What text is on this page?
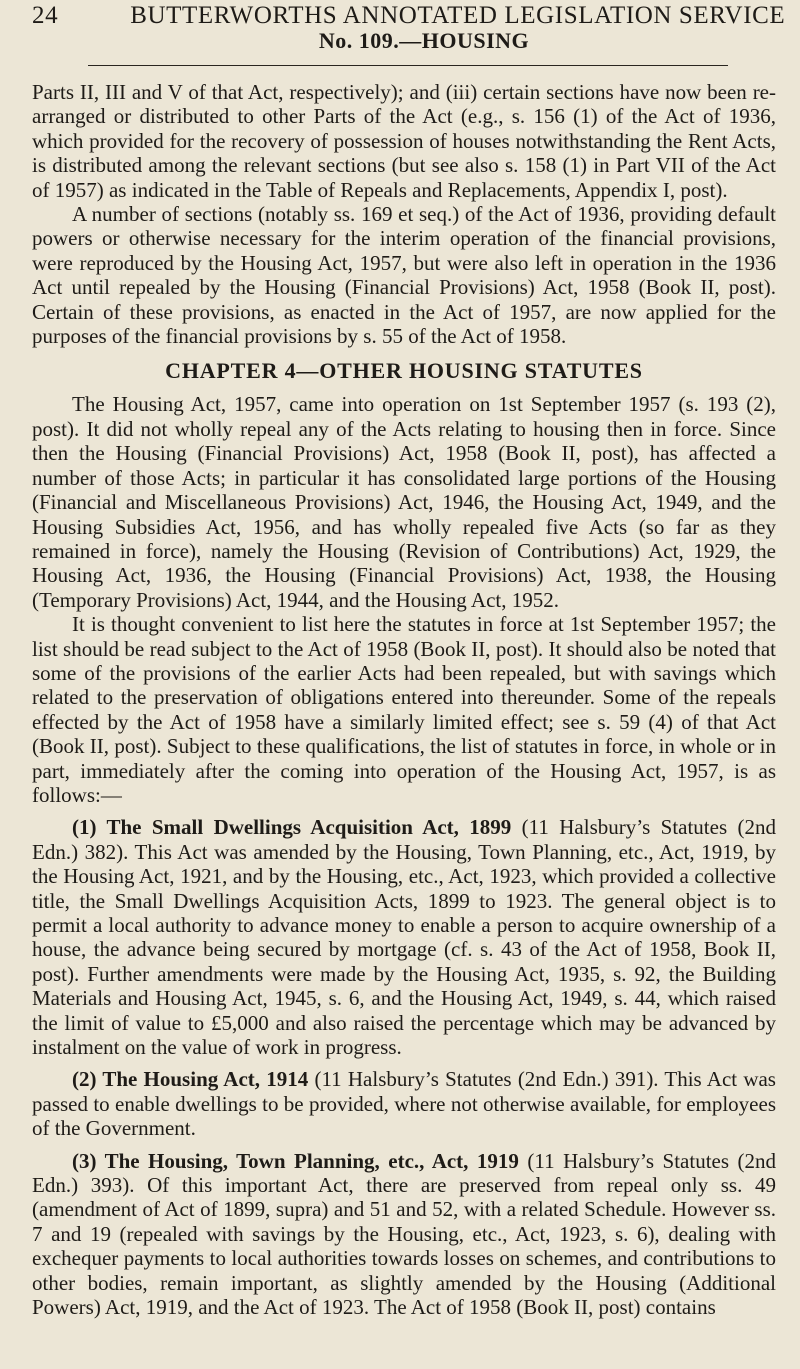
24	BUTTERWORTHS ANNOTATED LEGISLATION SERVICE
No. 109.—HOUSING

Parts II, III and V of that Act, respectively); and (iii) certain sections have now been re-arranged or distributed to other Parts of the Act (e.g., s. 156 (1) of the Act of 1936, which provided for the recovery of possession of houses notwithstanding the Rent Acts, is distributed among the relevant sections (but see also s. 158 (1) in Part VII of the Act of 1957) as indicated in the Table of Repeals and Replacements, Appendix I, post).

A number of sections (notably ss. 169 et seq.) of the Act of 1936, providing default powers or otherwise necessary for the interim operation of the financial provisions, were reproduced by the Housing Act, 1957, but were also left in operation in the 1936 Act until repealed by the Housing (Financial Provisions) Act, 1958 (Book II, post). Certain of these provisions, as enacted in the Act of 1957, are now applied for the purposes of the financial provisions by s. 55 of the Act of 1958.

CHAPTER 4—OTHER HOUSING STATUTES

The Housing Act, 1957, came into operation on 1st September 1957 (s. 193 (2), post). It did not wholly repeal any of the Acts relating to housing then in force. Since then the Housing (Financial Provisions) Act, 1958 (Book II, post), has affected a number of those Acts; in particular it has consolidated large portions of the Housing (Financial and Miscellaneous Provisions) Act, 1946, the Housing Act, 1949, and the Housing Subsidies Act, 1956, and has wholly repealed five Acts (so far as they remained in force), namely the Housing (Revision of Contributions) Act, 1929, the Housing Act, 1936, the Housing (Financial Provisions) Act, 1938, the Housing (Temporary Provisions) Act, 1944, and the Housing Act, 1952.

It is thought convenient to list here the statutes in force at 1st September 1957; the list should be read subject to the Act of 1958 (Book II, post). It should also be noted that some of the provisions of the earlier Acts had been repealed, but with savings which related to the preservation of obligations entered into thereunder. Some of the repeals effected by the Act of 1958 have a similarly limited effect; see s. 59 (4) of that Act (Book II, post). Subject to these qualifications, the list of statutes in force, in whole or in part, immediately after the coming into operation of the Housing Act, 1957, is as follows:—

(1) The Small Dwellings Acquisition Act, 1899 (11 Halsbury’s Statutes (2nd Edn.) 382). This Act was amended by the Housing, Town Planning, etc., Act, 1919, by the Housing Act, 1921, and by the Housing, etc., Act, 1923, which provided a collective title, the Small Dwellings Acquisition Acts, 1899 to 1923. The general object is to permit a local authority to advance money to enable a person to acquire ownership of a house, the advance being secured by mortgage (cf. s. 43 of the Act of 1958, Book II, post). Further amendments were made by the Housing Act, 1935, s. 92, the Building Materials and Housing Act, 1945, s. 6, and the Housing Act, 1949, s. 44, which raised the limit of value to £5,000 and also raised the percentage which may be advanced by instalment on the value of work in progress.

(2) The Housing Act, 1914 (11 Halsbury’s Statutes (2nd Edn.) 391). This Act was passed to enable dwellings to be provided, where not otherwise available, for employees of the Government.

(3) The Housing, Town Planning, etc., Act, 1919 (11 Halsbury’s Statutes (2nd Edn.) 393). Of this important Act, there are preserved from repeal only ss. 49 (amendment of Act of 1899, supra) and 51 and 52, with a related Schedule. However ss. 7 and 19 (repealed with savings by the Housing, etc., Act, 1923, s. 6), dealing with exchequer payments to local authorities towards losses on schemes, and contributions to other bodies, remain important, as slightly amended by the Housing (Additional Powers) Act, 1919, and the Act of 1923. The Act of 1958 (Book II, post) contains
